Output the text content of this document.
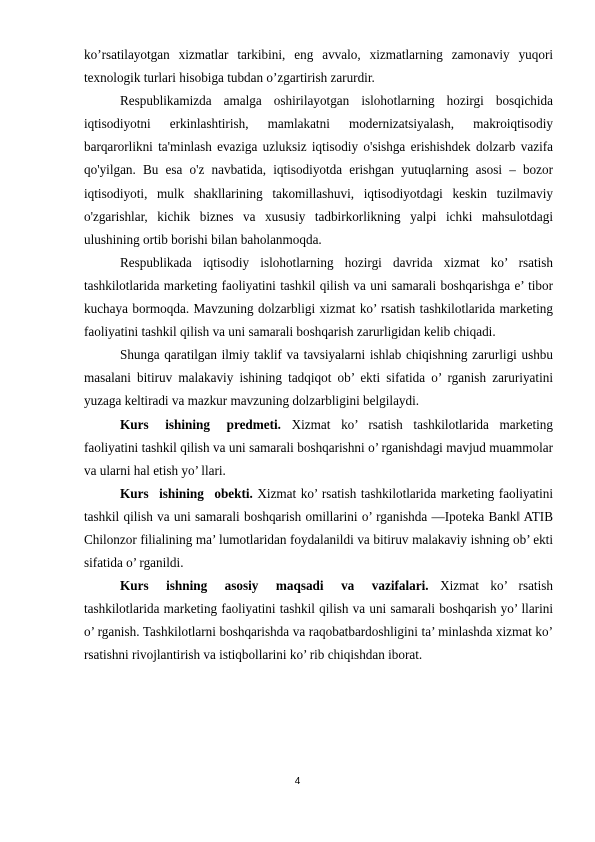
ko’rsatilayotgan xizmatlar tarkibini, eng avvalo, xizmatlarning zamonaviy yuqori texnologik turlari hisobiga tubdan o’zgartirish zarurdir.

Respublikamizda amalga oshirilayotgan islohotlarning hozirgi bosqichida iqtisodiyotni erkinlashtirish, mamlakatni modernizatsiyalash, makroiqtisodiy barqarorlikni ta'minlash evaziga uzluksiz iqtisodiy o'sishga erishishdek dolzarb vazifa qo'yilgan. Bu esa o'z navbatida, iqtisodiyotda erishgan yutuqlarning asosi – bozor iqtisodiyoti, mulk shakllarining takomillashuvi, iqtisodiyotdagi keskin tuzilmaviy o'zgarishlar, kichik biznes va xususiy tadbirkorlikning yalpi ichki mahsulotdagi ulushining ortib borishi bilan baholanmoqda.

Respublikada iqtisodiy islohotlarning hozirgi davrida xizmat ko’ rsatish tashkilotlarida marketing faoliyatini tashkil qilish va uni samarali boshqarishga e’ tibor kuchaya bormoqda. Mavzuning dolzarbligi xizmat ko’ rsatish tashkilotlarida marketing faoliyatini tashkil qilish va uni samarali boshqarish zarurligidan kelib chiqadi.

Shunga qaratilgan ilmiy taklif va tavsiyalarni ishlab chiqishning zarurligi ushbu masalani bitiruv malakaviy ishining tadqiqot ob’ ekti sifatida o’ rganish zaruriyatini yuzaga keltiradi va mazkur mavzuning dolzarbligini belgilaydi.

Kurs ishining predmeti. Xizmat ko’ rsatish tashkilotlarida marketing faoliyatini tashkil qilish va uni samarali boshqarishni o’ rganishdagi mavjud muammolar va ularni hal etish yo’ llari.

Kurs ishining obekti. Xizmat ko’ rsatish tashkilotlarida marketing faoliyatini tashkil qilish va uni samarali boshqarish omillarini o’ rganishda ―Ipoteka Bank‖ ATIB Chilonzor filialining ma’ lumotlaridan foydalanildi va bitiruv malakaviy ishning ob’ ekti sifatida o’ rganildi.

Kurs ishning asosiy maqsadi va vazifalari. Xizmat ko’ rsatish tashkilotlarida marketing faoliyatini tashkil qilish va uni samarali boshqarish yo’ llarini o’ rganish. Tashkilotlarni boshqarishda va raqobatbardoshligini ta’ minlashda xizmat ko’ rsatishni rivojlantirish va istiqbollarini ko’ rib chiqishdan iborat.

4
